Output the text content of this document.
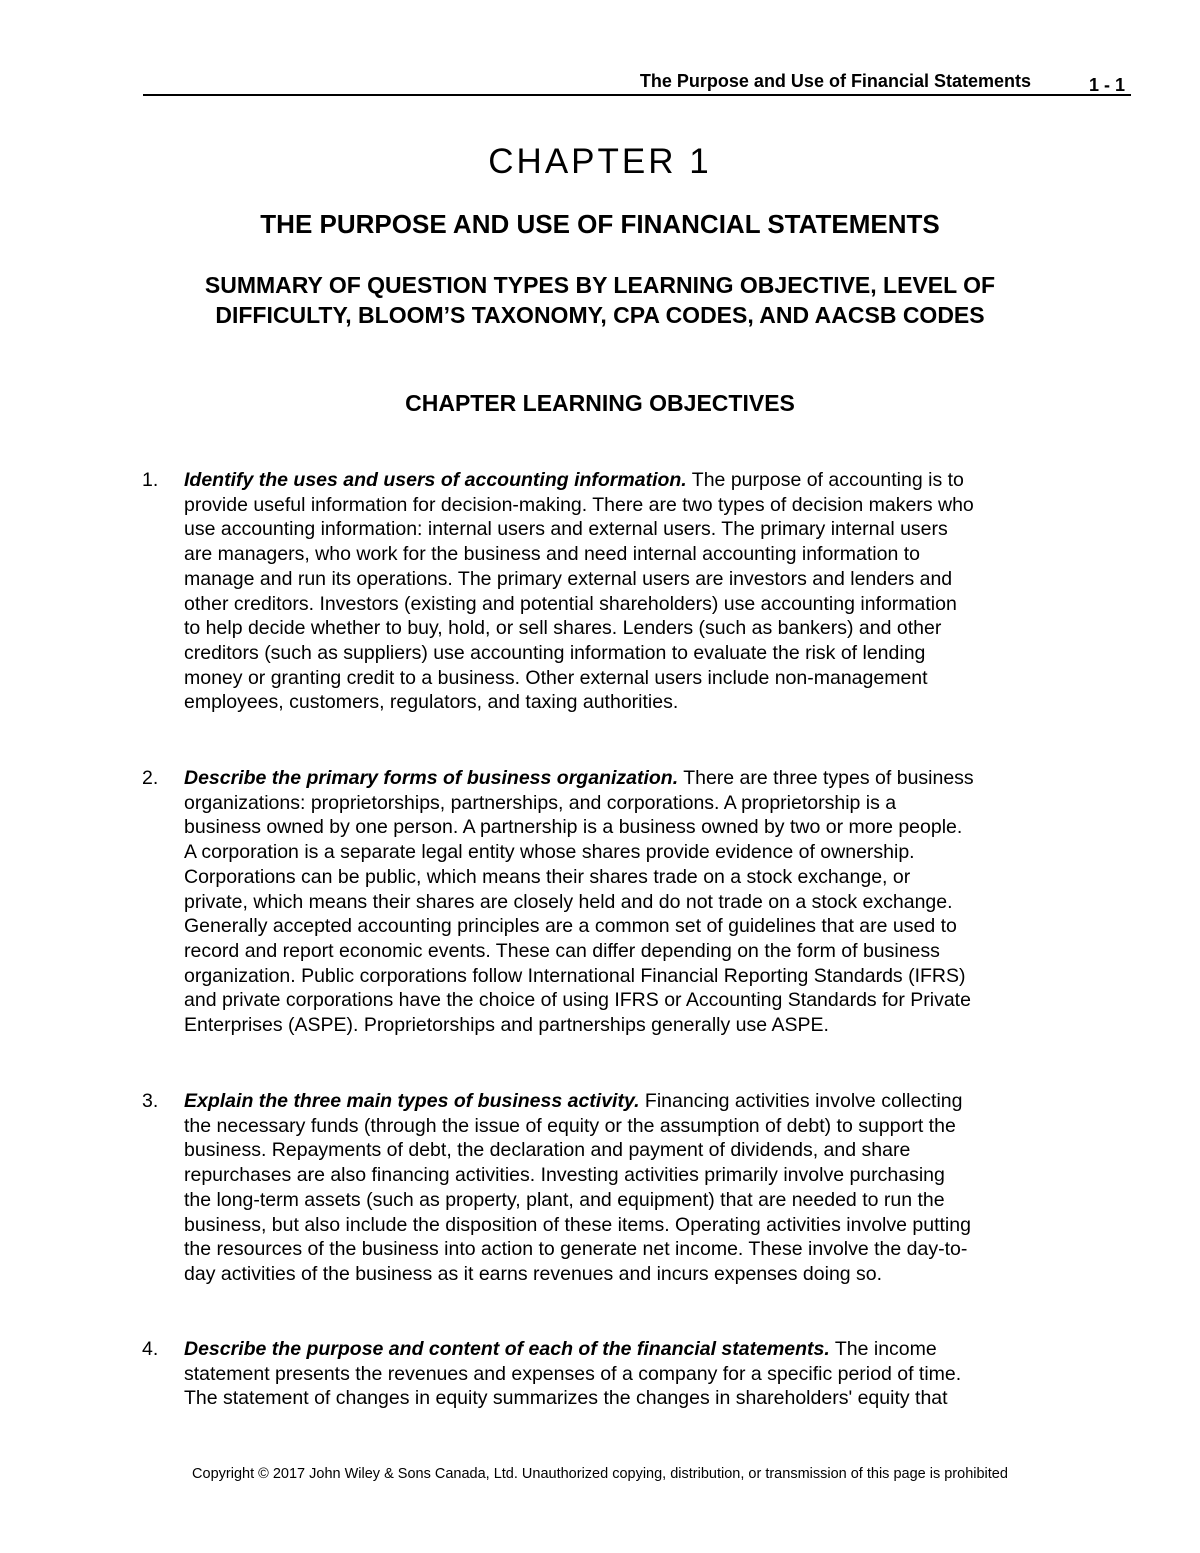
The Purpose and Use of Financial Statements	1 - 1
CHAPTER 1
THE PURPOSE AND USE OF FINANCIAL STATEMENTS
SUMMARY OF QUESTION TYPES BY LEARNING OBJECTIVE, LEVEL OF DIFFICULTY, BLOOM’S TAXONOMY, CPA CODES, AND AACSB CODES
CHAPTER LEARNING OBJECTIVES
1. Identify the uses and users of accounting information. The purpose of accounting is to
provide useful information for decision-making. There are two types of decision makers who
use accounting information: internal users and external users. The primary internal users
are managers, who work for the business and need internal accounting information to
manage and run its operations. The primary external users are investors and lenders and
other creditors. Investors (existing and potential shareholders) use accounting information
to help decide whether to buy, hold, or sell shares. Lenders (such as bankers) and other
creditors (such as suppliers) use accounting information to evaluate the risk of lending
money or granting credit to a business. Other external users include non-management
employees, customers, regulators, and taxing authorities.
2. Describe the primary forms of business organization. There are three types of business
organizations: proprietorships, partnerships, and corporations. A proprietorship is a
business owned by one person. A partnership is a business owned by two or more people.
A corporation is a separate legal entity whose shares provide evidence of ownership.
Corporations can be public, which means their shares trade on a stock exchange, or
private, which means their shares are closely held and do not trade on a stock exchange.
Generally accepted accounting principles are a common set of guidelines that are used to
record and report economic events. These can differ depending on the form of business
organization. Public corporations follow International Financial Reporting Standards (IFRS)
and private corporations have the choice of using IFRS or Accounting Standards for Private
Enterprises (ASPE). Proprietorships and partnerships generally use ASPE.
3. Explain the three main types of business activity. Financing activities involve collecting
the necessary funds (through the issue of equity or the assumption of debt) to support the
business. Repayments of debt, the declaration and payment of dividends, and share
repurchases are also financing activities. Investing activities primarily involve purchasing
the long-term assets (such as property, plant, and equipment) that are needed to run the
business, but also include the disposition of these items. Operating activities involve putting
the resources of the business into action to generate net income. These involve the day-to-
day activities of the business as it earns revenues and incurs expenses doing so.
4. Describe the purpose and content of each of the financial statements. The income
statement presents the revenues and expenses of a company for a specific period of time.
The statement of changes in equity summarizes the changes in shareholders' equity that
Copyright © 2017 John Wiley & Sons Canada, Ltd. Unauthorized copying, distribution, or transmission of this page is prohibited
